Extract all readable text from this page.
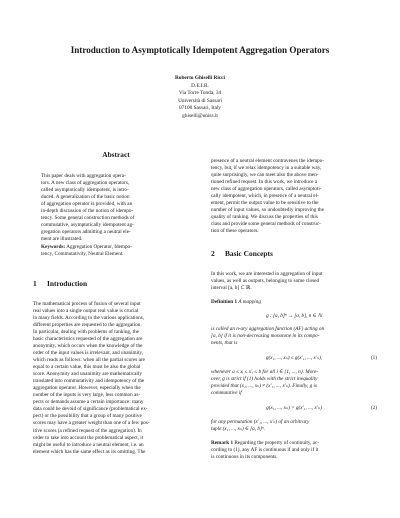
Introduction to Asymptotically Idempotent Aggregation Operators
Roberto Ghiselli Ricci
D.E.I.R.
Via Torre Tonda, 34
Università di Sassari
07100 Sassari, Italy
ghiselli@uniss.it
Abstract

This paper deals with aggregation opera-

tors. A new class of aggregation operators,

called asymptotically idempotent, is intro-

duced. A generalization of the basic notion

of aggregation operator is provided, with an

in-depth discussion of the notion of idempo-

tency. Some general construction methods of

commutative, asymptotically idempotent ag-

gregation operators admitting a neutral ele-

ment are illustrated.

Keywords: Aggregation Operator, Idempo-

tency, Commutativity, Neutral Element.

1 Introduction

The mathematical process of fusion of several input

real values into a single output real value is crucial

in many fields. According to the various applications,

different properties are requested to the aggregation.

In particular, dealing with problems of ranking, the

basic characteristics requested of the aggregation are

anonymity, which occurs when the knowledge of the

order of the input values is irrelevant, and unanimity,

which reads as follows: when all the partial scores are

equal to a certain value, this must be also the global

score. Anonymity and unanimity are mathematically

translated into commutativity and idempotency of the

aggregation operator. However, especially when the

number of the inputs is very large, less common as-

pects or demands assume a certain importance: many

data could be devoid of significance (problematical ex-

pect) or the possibility that a group of many positive

scores may have a greater weight than one of a few pos-

itive scores (a refined request of the aggregation). In

order to take into account the problematical aspect, it

might be useful to introduce a neutral element, i.e. an

element which has the same effect as its omitting. The

presence of a neutral element contravenes the idempo-

tency, but, if we relax idempotency in a suitable way,

quite surprisingly, we can meet also the above men-

tioned refined request. In this work, we introduce a

new class of aggregation operators, called asymptoti-

cally idempotent, which, in presence of a neutral el-

ement, permit the output value to be sensitive to the

number of input values, so undoubtedly improving the

quality of ranking. We discuss the properties of this

class and provide some general methods of construc-

tion of these operators.

2 Basic Concepts

In this work, we are interested in aggregation of input

values, as well as outputs, belonging to some closed

interval [a, b] ⊂ ℝ.

Definition 1 A mapping

g : [a, b]ⁿ → [a, b], n ∈ ℕ

is called an n-ary aggregation function (AF) acting on

[a, b] if it is non-decreasing monotone in its compo-

nents, that is

g(x₁, ..., xₙ) ≤ g(x′₁, ..., x′ₙ),	(1)

whenever a ≤ xᵢ ≤ x′ᵢ ≤ b for all i ∈ {1, ..., n}. More-

over, g is strict if (1) holds with the strict inequality

provided that (x₁, ..., xₙ) ≠ (x′₁, ..., x′ₙ). Finally, g is

commutative if

g(x₁, ..., xₙ) = g(x′₁, ..., x′ₙ)	(2)

for any permutation (x′₁, ..., x′ₙ) of an arbitrary

tuple (x₁, ..., xₙ) ∈ [a, b]ⁿ.

Remark 1 Regarding the property of continuity, ac-

cording to (1), any AF is continuous if and only if it

is continuous in its components.
